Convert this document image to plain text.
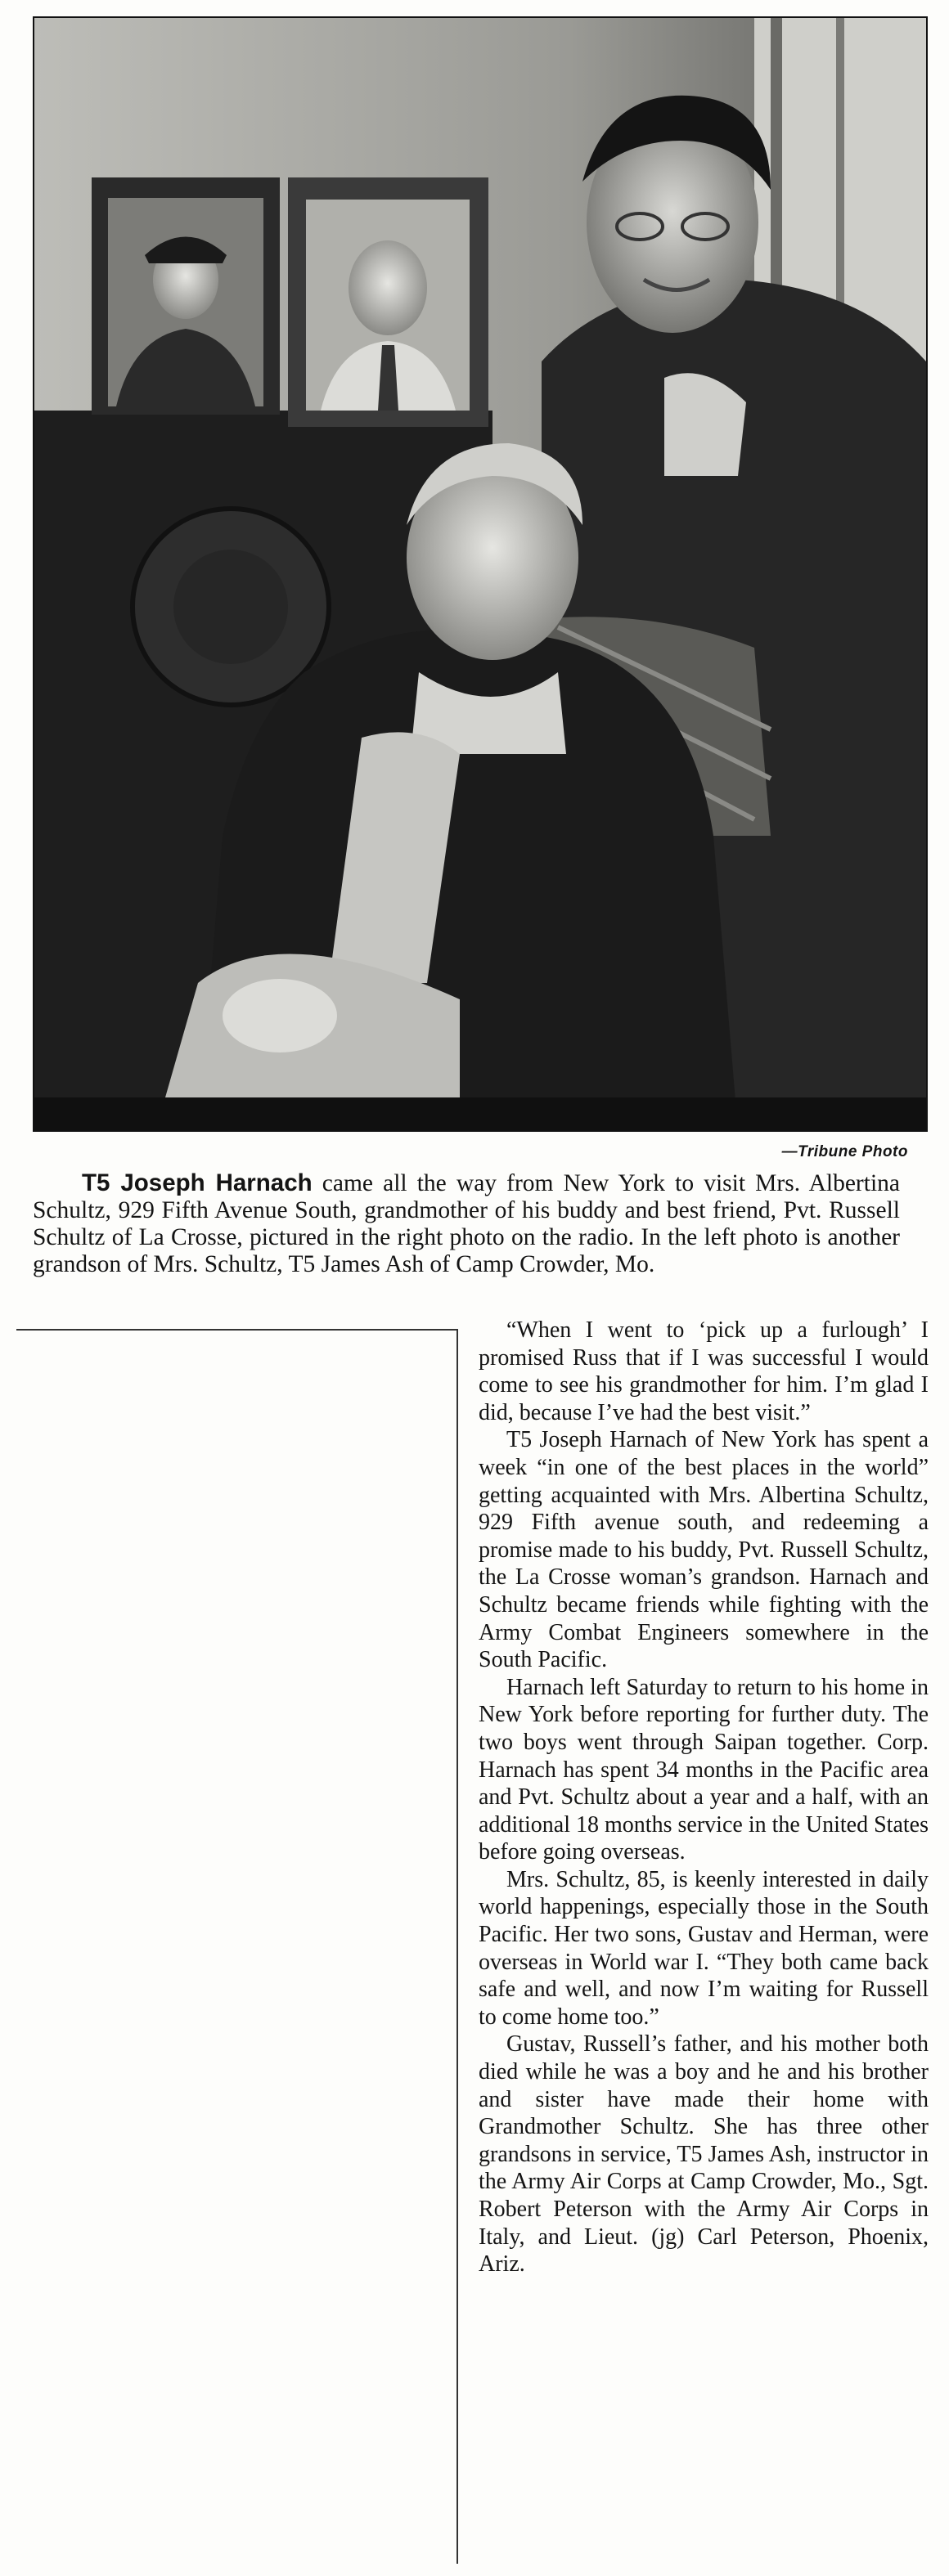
—Tribune Photo
T5 Joseph Harnach came all the way from New York to visit Mrs. Albertina Schultz, 929 Fifth Avenue South, grandmother of his buddy and best friend, Pvt. Russell Schultz of La Crosse, pictured in the right photo on the radio. In the left photo is another grandson of Mrs. Schultz, T5 James Ash of Camp Crowder, Mo.

“When I went to ‘pick up a furlough’ I promised Russ that if I was successful I would come to see his grandmother for him. I’m glad I did, because I’ve had the best visit.”

T5 Joseph Harnach of New York has spent a week “in one of the best places in the world” getting acquainted with Mrs. Albertina Schultz, 929 Fifth avenue south, and redeeming a promise made to his buddy, Pvt. Russell Schultz, the La Crosse woman’s grandson. Harnach and Schultz became friends while fighting with the Army Combat Engineers somewhere in the South Pacific.

Harnach left Saturday to return to his home in New York before reporting for further duty. The two boys went through Saipan together. Corp. Harnach has spent 34 months in the Pacific area and Pvt. Schultz about a year and a half, with an additional 18 months service in the United States before going overseas.

Mrs. Schultz, 85, is keenly interested in daily world happenings, especially those in the South Pacific. Her two sons, Gustav and Herman, were overseas in World war I. “They both came back safe and well, and now I’m waiting for Russell to come home too.”

Gustav, Russell’s father, and his mother both died while he was a boy and he and his brother and sister have made their home with Grandmother Schultz. She has three other grandsons in service, T5 James Ash, instructor in the Army Air Corps at Camp Crowder, Mo., Sgt. Robert Peterson with the Army Air Corps in Italy, and Lieut. (jg) Carl Peterson, Phoenix, Ariz.
